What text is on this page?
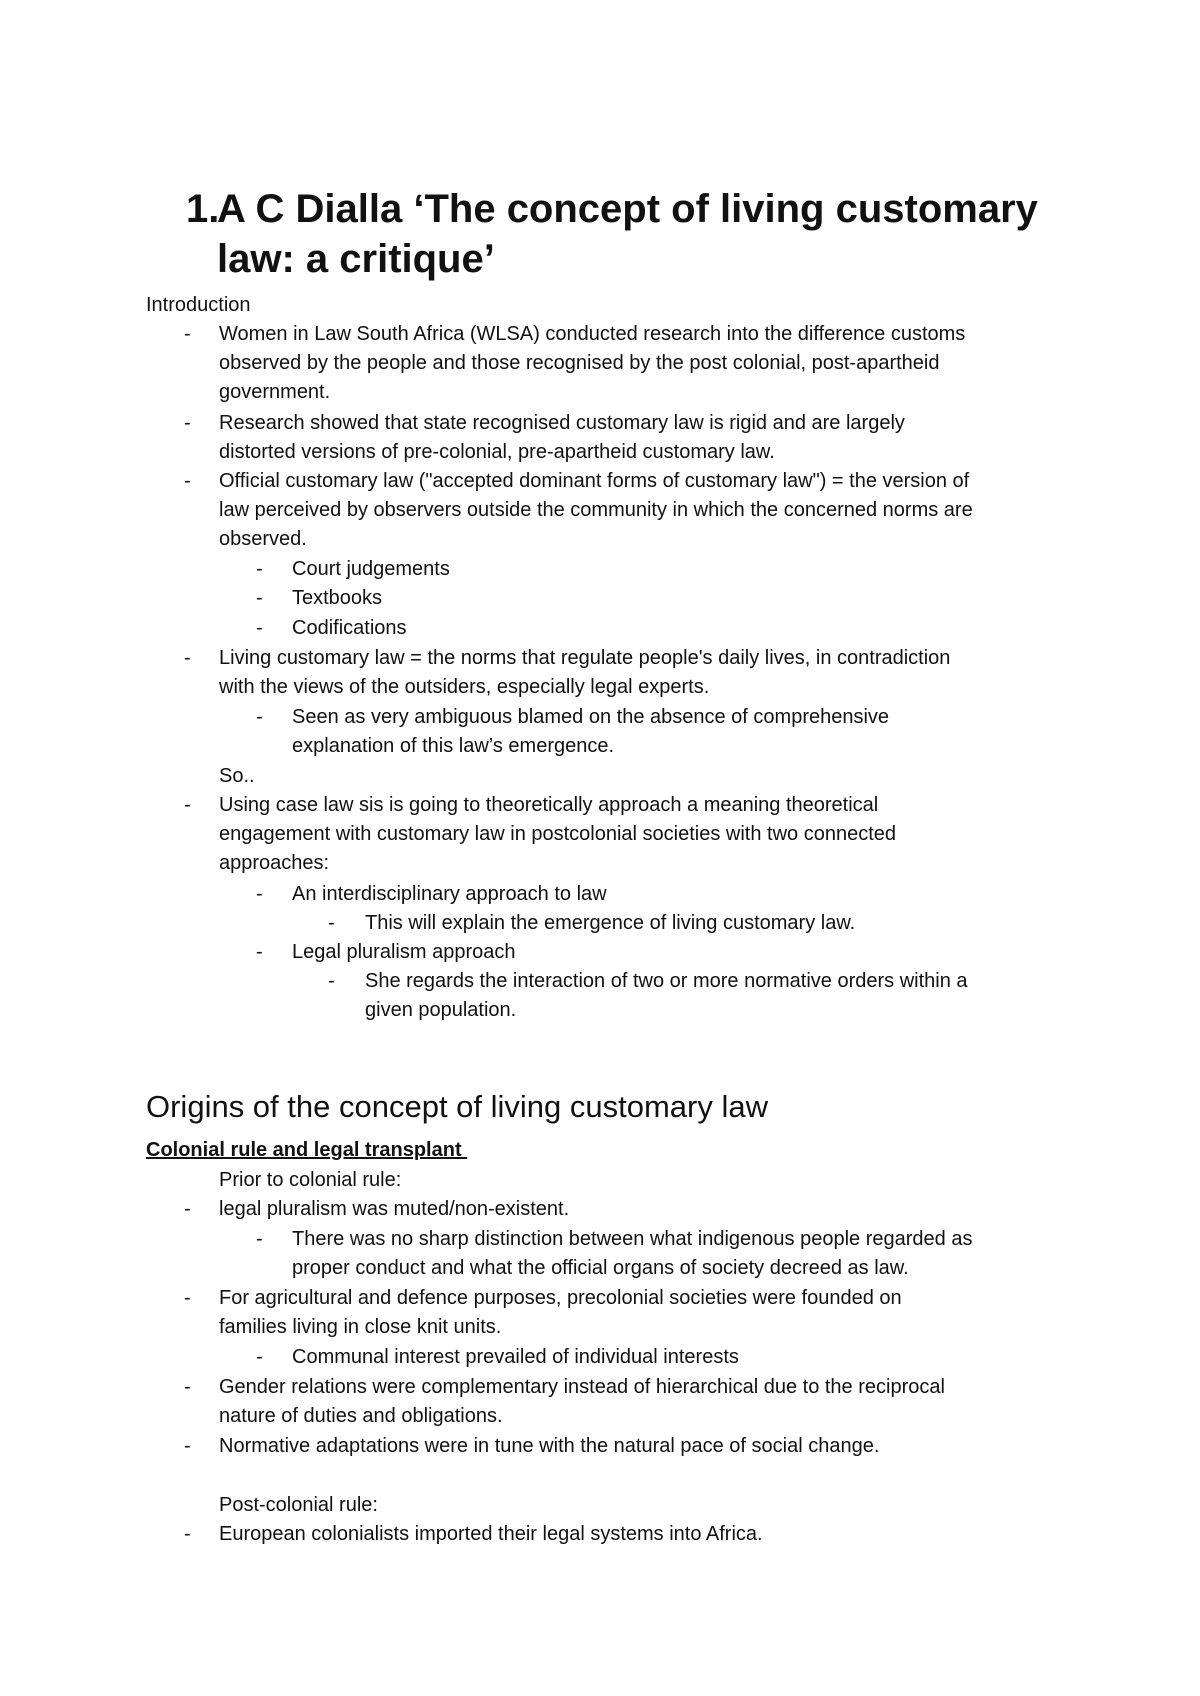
1.
A C Dialla ‘The concept of living customary
law: a critique’
Introduction
- Women in Law South Africa (WLSA) conducted research into the difference customs
observed by the people and those recognised by the post colonial, post-apartheid
government.
- Research showed that state recognised customary law is rigid and are largely
distorted versions of pre-colonial, pre-apartheid customary law.
- Official customary law ("accepted dominant forms of customary law") = the version of
law perceived by observers outside the community in which the concerned norms are
observed.
- Court judgements
- Textbooks
- Codifications
- Living customary law = the norms that regulate people's daily lives, in contradiction
with the views of the outsiders, especially legal experts.
- Seen as very ambiguous blamed on the absence of comprehensive
explanation of this law’s emergence.
So..
- Using case law sis is going to theoretically approach a meaning theoretical
engagement with customary law in postcolonial societies with two connected
approaches:
- An interdisciplinary approach to law
- This will explain the emergence of living customary law.
- Legal pluralism approach
- She regards the interaction of two or more normative orders within a
given population.
Origins of the concept of living customary law
Colonial rule and legal transplant
Prior to colonial rule:
- legal pluralism was muted/non-existent.
- There was no sharp distinction between what indigenous people regarded as
proper conduct and what the official organs of society decreed as law.
- For agricultural and defence purposes, precolonial societies were founded on
families living in close knit units.
- Communal interest prevailed of individual interests
- Gender relations were complementary instead of hierarchical due to the reciprocal
nature of duties and obligations.
- Normative adaptations were in tune with the natural pace of social change.
Post-colonial rule:
- European colonialists imported their legal systems into Africa.
